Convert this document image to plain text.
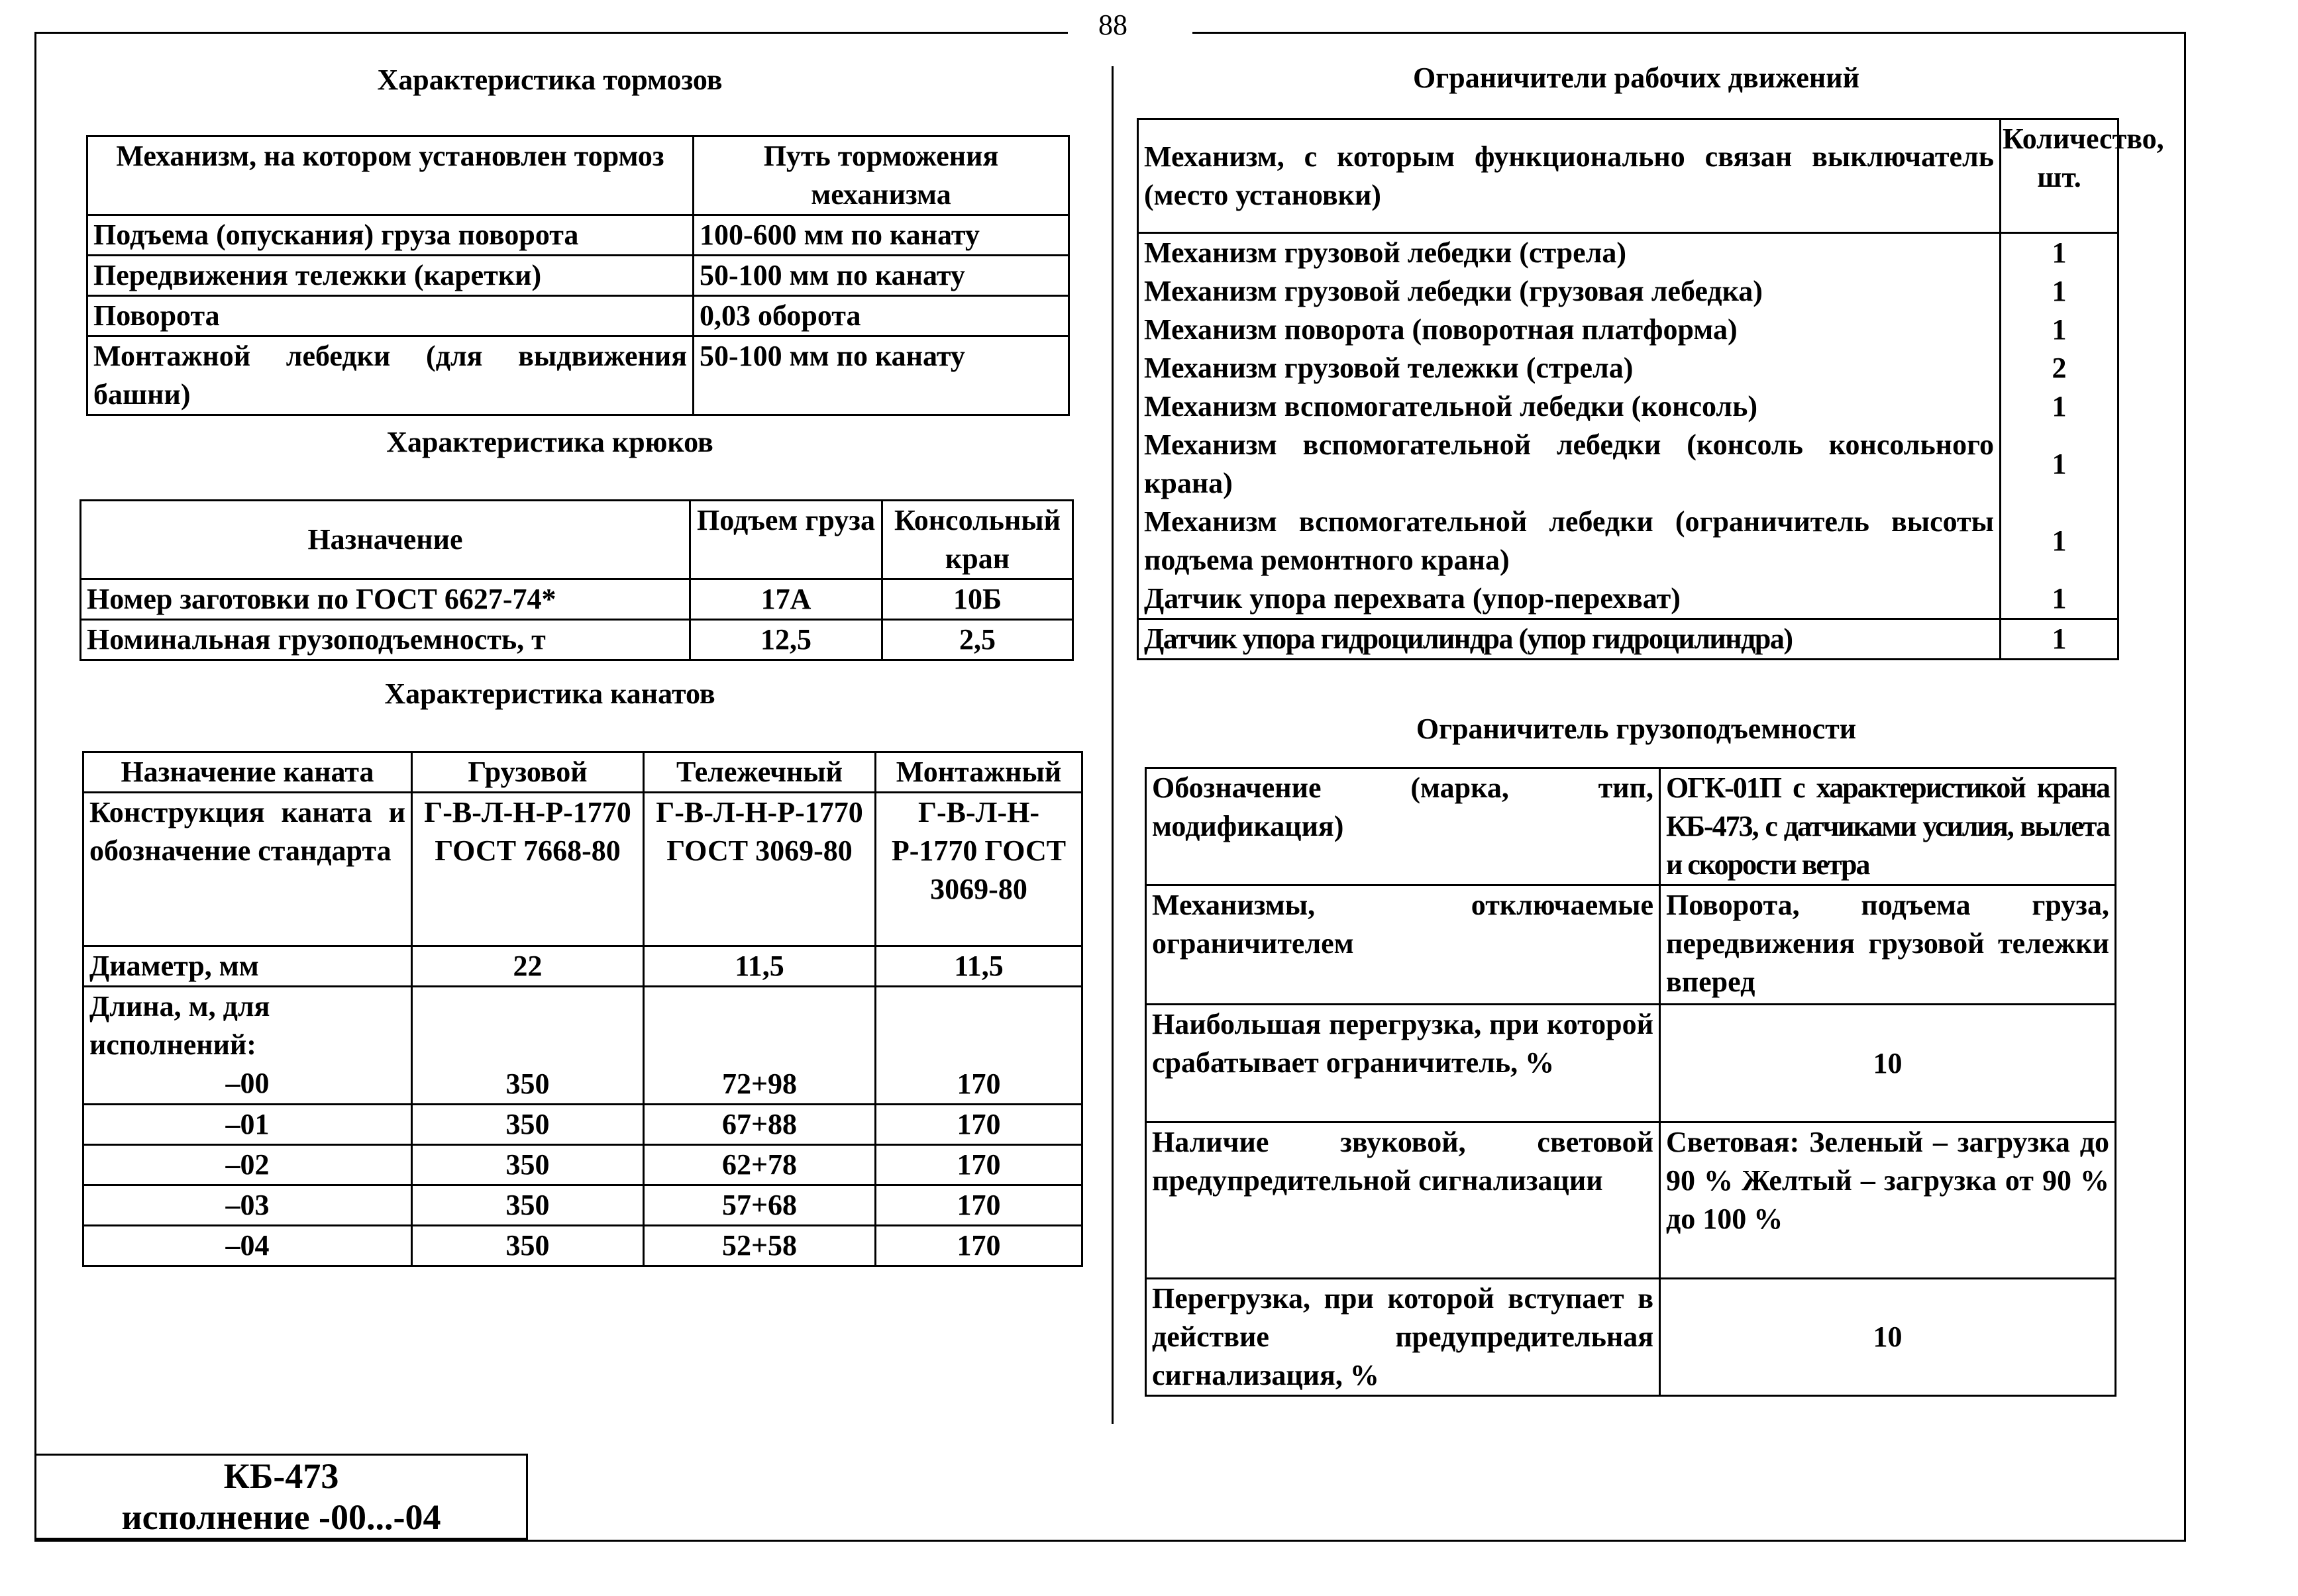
88
Характеристика тормозов
Механизм, на котором установлен тормоз	Путь торможения механизма
Подъема (опускания) груза поворота	100-600 мм по канату
Передвижения тележки (каретки)	50-100 мм по канату
Поворота	0,03 оборота
Монтажной лебедки (для выдвижения башни)	50-100 мм по канату
Характеристика крюков
Назначение	Подъем груза	Консольный кран
Номер заготовки по ГОСТ 6627-74*	17А	10Б
Номинальная грузоподъемность, т	12,5	2,5
Характеристика канатов
Назначение каната	Грузовой	Тележечный	Монтажный
Конструкция каната и обозначение стандарта	Г-В-Л-Н-Р-1770 ГОСТ 7668-80	Г-В-Л-Н-Р-1770 ГОСТ 3069-80	Г-В-Л-Н-Р-1770 ГОСТ 3069-80
Диаметр, мм	22	11,5	11,5

Длина, м, для исполнений:
–00	350	72+98	170
–01	350	67+88	170
–02	350	62+78	170
–03	350	57+68	170
–04	350	52+58	170
Ограничители рабочих движений
Механизм, с которым функционально связан выключатель (место установки)	Количество, шт.
Механизм грузовой лебедки (стрела)	1
Механизм грузовой лебедки (грузовая лебедка)	1
Механизм поворота (поворотная платформа)	1
Механизм грузовой тележки (стрела)	2
Механизм вспомогательной лебедки (консоль)	1
Механизм вспомогательной лебедки (консоль консольного крана)	1
Механизм вспомогательной лебедки (ограничитель высоты подъема ремонтного крана)	1
Датчик упора перехвата (упор-перехват)	1
Датчик упора гидроцилиндра (упор гидроцилиндра)	1
Ограничитель грузоподъемности
Обозначение (марка, тип, модификация)	ОГК-01П с характеристикой крана КБ-473, с датчиками усилия, вылета и скорости ветра
Механизмы, отключаемые ограничителем	Поворота, подъема груза, передвижения грузовой тележки вперед
Наибольшая перегрузка, при которой срабатывает ограничитель, %	10
Наличие звуковой, световой предупредительной сигнализации	Световая: Зеленый – загрузка до 90 % Желтый – загрузка от 90 % до 100 %
Перегрузка, при которой вступает в действие предупредительная сигнализация, %	10
КБ-473
исполнение -00...-04
